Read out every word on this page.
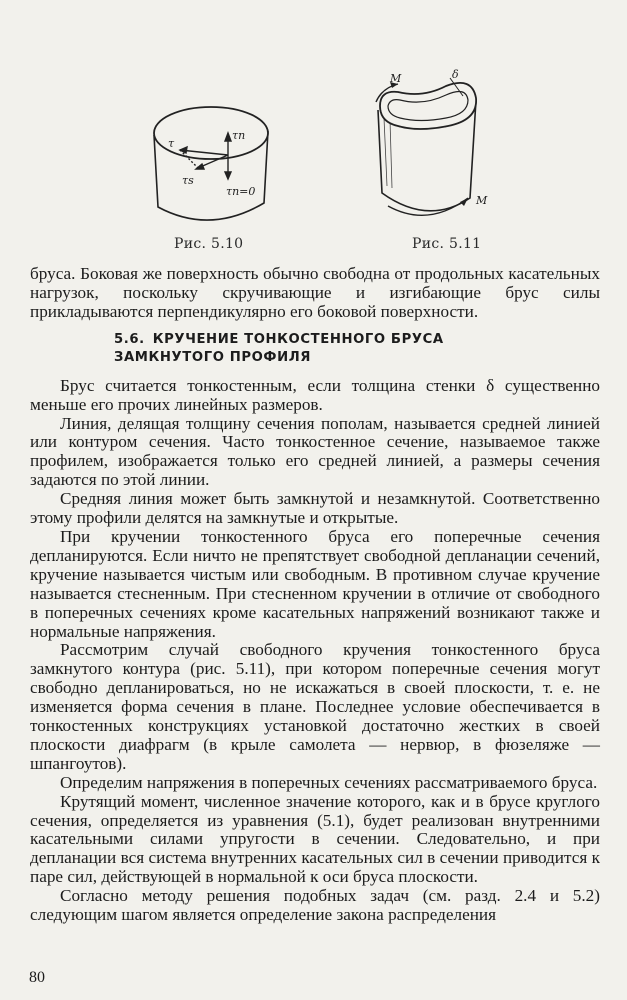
τn
τ
τs
τn=0
Рис. 5.10
M	δ
M
Рис. 5.11

бруса. Боковая же поверхность обычно свободна от продольных касательных нагрузок, поскольку скручивающие и изгибающие брус силы прикладываются перпендикулярно его боковой поверхности.

5.6. КРУЧЕНИЕ ТОНКОСТЕННОГО БРУСА
ЗАМКНУТОГО ПРОФИЛЯ

Брус считается тонкостенным, если толщина стенки δ существенно меньше его прочих линейных размеров.

Линия, делящая толщину сечения пополам, называется средней линией или контуром сечения. Часто тонкостенное сечение, называемое также профилем, изображается только его средней линией, а размеры сечения задаются по этой линии.

Средняя линия может быть замкнутой и незамкнутой. Соответственно этому профили делятся на замкнутые и открытые.

При кручении тонкостенного бруса его поперечные сечения депланируются. Если ничто не препятствует свободной депланации сечений, кручение называется чистым или свободным. В противном случае кручение называется стесненным. При стесненном кручении в отличие от свободного в поперечных сечениях кроме касательных напряжений возникают также и нормальные напряжения.

Рассмотрим случай свободного кручения тонкостенного бруса замкнутого контура (рис. 5.11), при котором поперечные сечения могут свободно депланироваться, но не искажаться в своей плоскости, т. е. не изменяется форма сечения в плане. Последнее условие обеспечивается в тонкостенных конструкциях установкой достаточно жестких в своей плоскости диафрагм (в крыле самолета — нервюр, в фюзеляже — шпангоутов).

Определим напряжения в поперечных сечениях рассматриваемого бруса.

Крутящий момент, численное значение которого, как и в брусе круглого сечения, определяется из уравнения (5.1), будет реализован внутренними касательными силами упругости в сечении. Следовательно, и при депланации вся система внутренних касательных сил в сечении приводится к паре сил, действующей в нормальной к оси бруса плоскости.

Согласно методу решения подобных задач (см. разд. 2.4 и 5.2) следующим шагом является определение закона распределения

80
